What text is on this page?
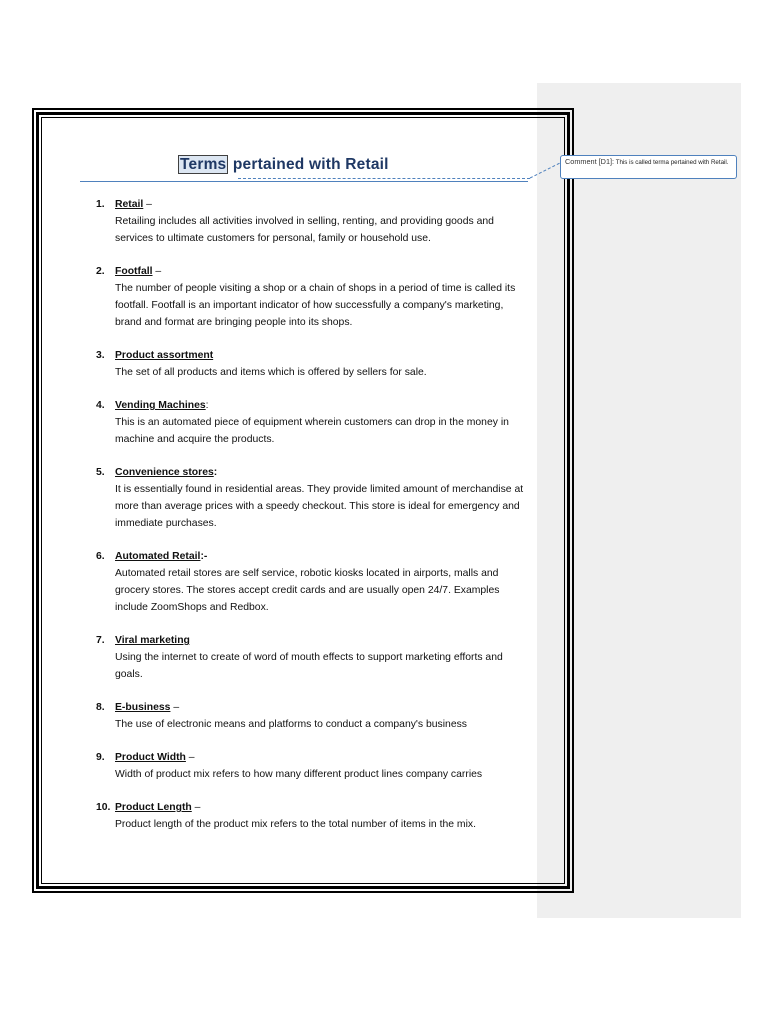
Terms pertained with Retail	Comment [D1]: This is called terma pertained with Retail.
1. Retail –
Retailing includes all activities involved in selling, renting, and providing goods and services to ultimate customers for personal, family or household use.
2. Footfall –
The number of people visiting a shop or a chain of shops in a period of time is called its footfall. Footfall is an important indicator of how successfully a company's marketing, brand and format are bringing people into its shops.
3. Product assortment
The set of all products and items which is offered by sellers for sale.
4. Vending Machines:
This is an automated piece of equipment wherein customers can drop in the money in machine and acquire the products.
5. Convenience stores:
It is essentially found in residential areas. They provide limited amount of merchandise at more than average prices with a speedy checkout. This store is ideal for emergency and immediate purchases.
6. Automated Retail:-
Automated retail stores are self service, robotic kiosks located in airports, malls and grocery stores. The stores accept credit cards and are usually open 24/7. Examples include ZoomShops and Redbox.
7. Viral marketing
Using the internet to create of word of mouth effects to support marketing efforts and goals.
8. E-business –
The use of electronic means and platforms to conduct a company's business
9. Product Width –
Width of product mix refers to how many different product lines company carries
10. Product Length –
Product length of the product mix refers to the total number of items in the mix.
